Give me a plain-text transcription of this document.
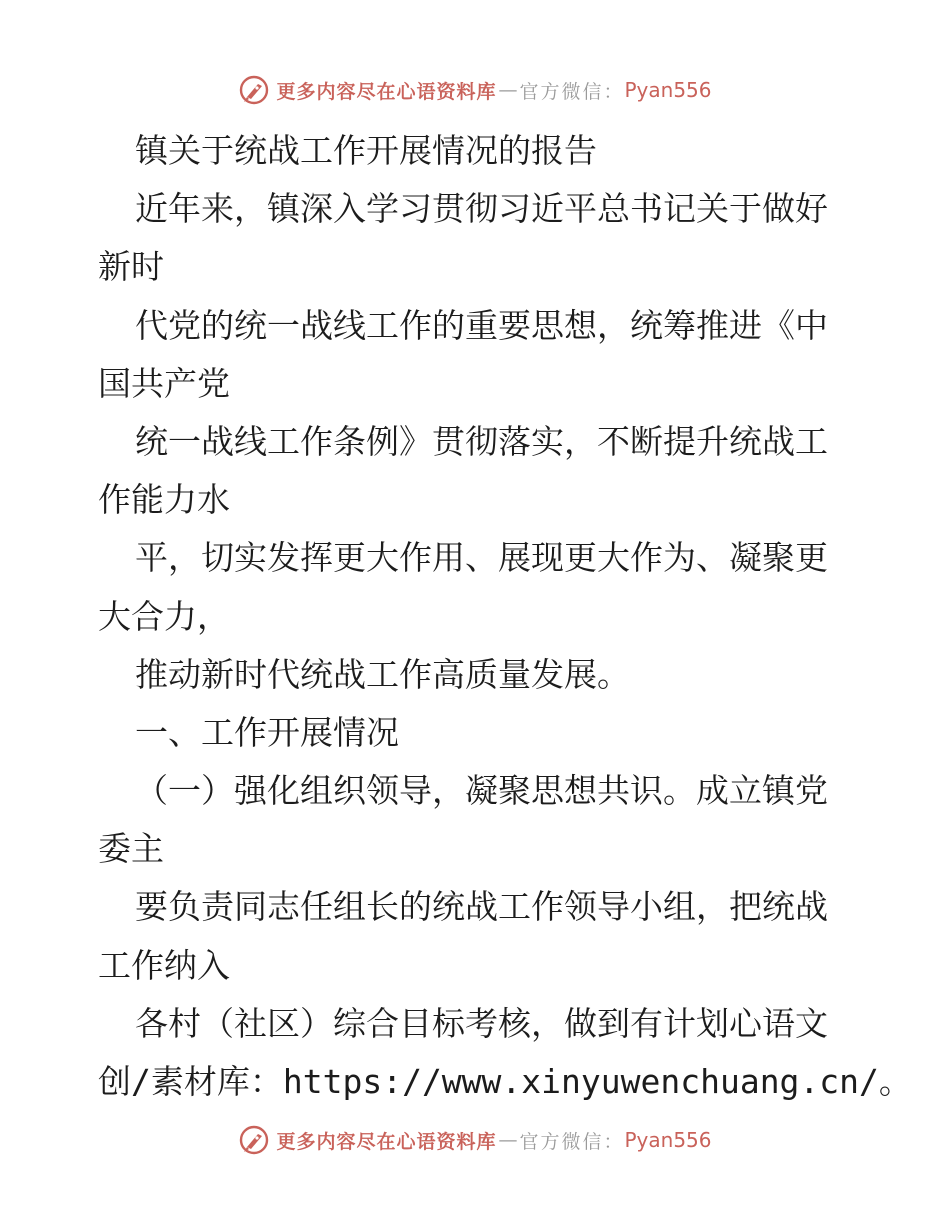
更多内容尽在心语资料库 — 官方微信： Pyan556
镇关于统战工作开展情况的报告
近年来，镇深入学习贯彻习近平总书记关于做好
新时
代党的统一战线工作的重要思想，统筹推进《中
国共产党
统一战线工作条例》贯彻落实，不断提升统战工
作能力水
平，切实发挥更大作用、展现更大作为、凝聚更
大合力，
推动新时代统战工作高质量发展。
一、工作开展情况
（一）强化组织领导，凝聚思想共识。成立镇党
委主
要负责同志任组长的统战工作领导小组，把统战
工作纳入
各村（社区）综合目标考核，做到有计划心语文
创/素材库：https://www.xinyuwenchuang.cn/。
更多内容尽在心语资料库 — 官方微信： Pyan556
